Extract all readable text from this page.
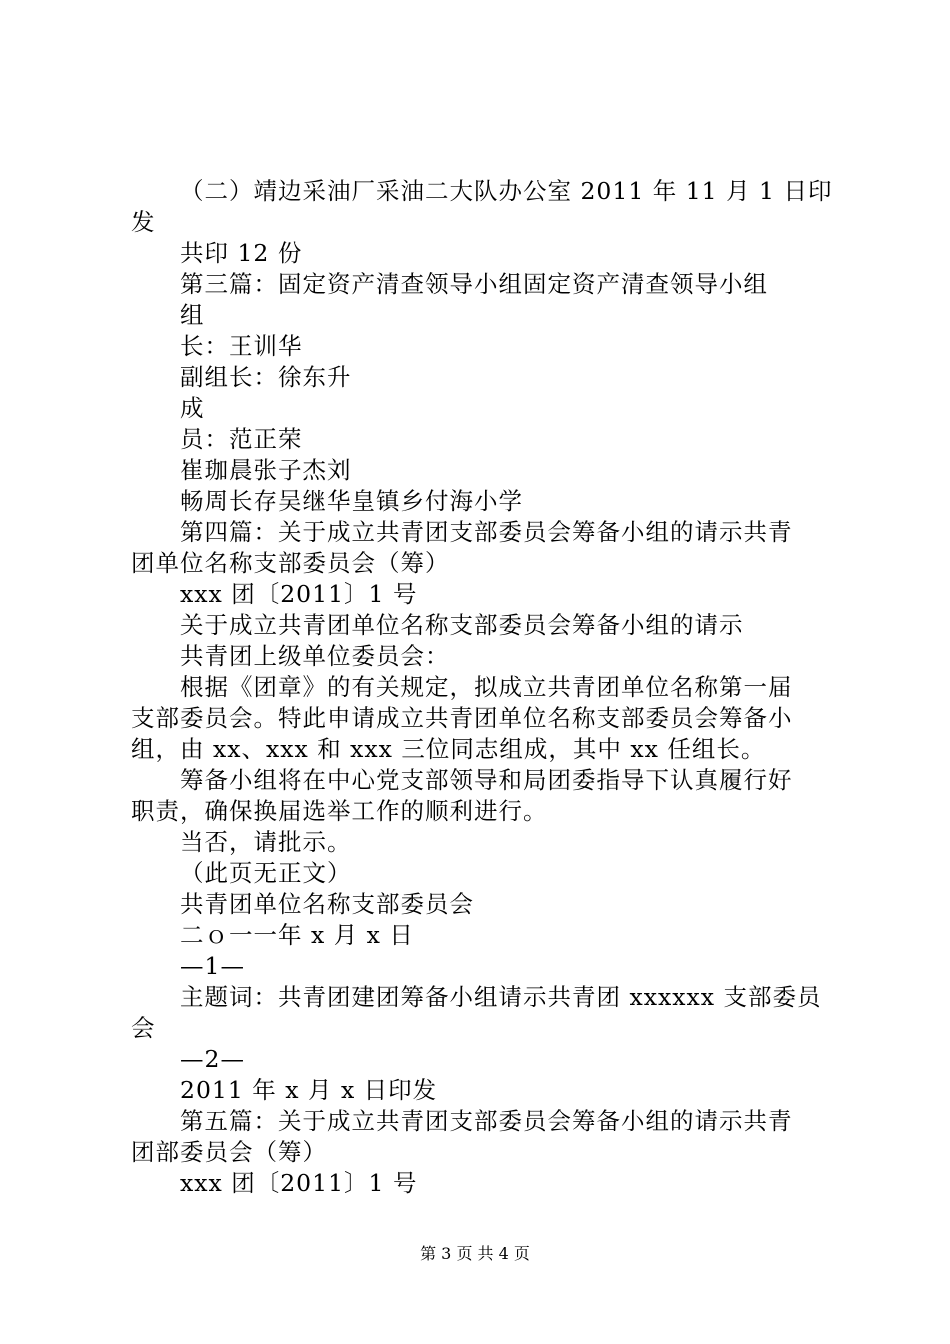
（二）靖边采油厂采油二大队办公室 2011 年 11 月 1 日印
发
共印 12 份
第三篇：固定资产清查领导小组固定资产清查领导小组
组
长：王训华
副组长：徐东升
成
员：范正荣
崔珈晨张子杰刘
畅周长存吴继华皇镇乡付海小学
第四篇：关于成立共青团支部委员会筹备小组的请示共青
团单位名称支部委员会（筹）
xxx 团〔2011〕1 号
关于成立共青团单位名称支部委员会筹备小组的请示
共青团上级单位委员会：
根据《团章》的有关规定，拟成立共青团单位名称第一届
支部委员会。特此申请成立共青团单位名称支部委员会筹备小
组，由 xx、xxx 和 xxx 三位同志组成，其中 xx 任组长。
筹备小组将在中心党支部领导和局团委指导下认真履行好
职责，确保换届选举工作的顺利进行。
当否，请批示。
（此页无正文）
共青团单位名称支部委员会
二ｏ一一年 x 月 x 日
—1—
主题词：共青团建团筹备小组请示共青团 xxxxxx 支部委员
会
—2—
2011 年 x 月 x 日印发
第五篇：关于成立共青团支部委员会筹备小组的请示共青
团部委员会（筹）
xxx 团〔2011〕1 号
第 3 页 共 4 页
